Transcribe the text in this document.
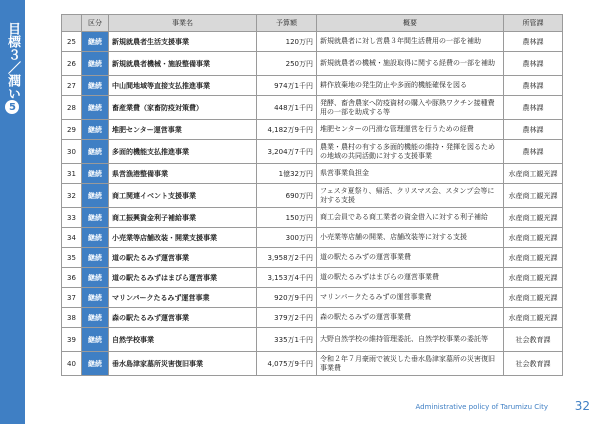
目標３／潤い5
	区分	事業名	予算額	概要	所管課
25	継続	新規就農者生活支援事業	120万円	新規就農者に対し営農３年間生活費用の一部を補助	農林課
26	継続	新規就農者機械・施設整備事業	250万円	新規就農者の機械・施設取得に関する経費の一部を補助	農林課
27	継続	中山間地域等直接支払推進事業	974万1千円	耕作放棄地の発生防止や多面的機能確保を図る	農林課
28	継続	畜産業費（家畜防疫対策費）	448万1千円	発酵、畜舎農家へ防疫資材の購入や豚熱ワクチン接種費用の一部を助成する等	農林課
29	継続	堆肥センター運営事業	4,182万9千円	堆肥センターの円滑な管理運営を行うための経費	農林課
30	継続	多面的機能支払推進事業	3,204万7千円	農業・農村の有する多面的機能の維持・発揮を図るための地域の共同活動に対する支援事業	農林課
31	継続	県営漁港整備事業	1億32万円	県営事業負担金	水産商工観光課
32	継続	商工関連イベント支援事業	690万円	フェスタ夏祭り、帰活、クリスマス会、スタンプ会等に対する支援	水産商工観光課
33	継続	商工振興資金利子補給事業	150万円	商工会員である商工業者の資金借入に対する利子補給	水産商工観光課
34	継続	小売業等店舗改装・開業支援事業	300万円	小売業等店舗の開業、店舗改装等に対する支援	水産商工観光課
35	継続	道の駅たるみず運営事業	3,958万2千円	道の駅たるみずの運営事業費	水産商工観光課
36	継続	道の駅たるみずはまびら運営事業	3,153万4千円	道の駅たるみずはまびらの運営事業費	水産商工観光課
37	継続	マリンパークたるみず運営事業	920万9千円	マリンパークたるみずの運営事業費	水産商工観光課
38	継続	森の駅たるみず運営事業	379万2千円	森の駅たるみずの運営事業費	水産商工観光課
39	継続	自然学校事業	335万1千円	大野自然学校の維持管理委託、自然学校事業の委託等	社会教育課
40	継続	垂水島津家墓所災害復旧事業	4,075万9千円	令和２年７月豪雨で被災した垂水島津家墓所の災害復旧事業費	社会教育課
Administrative policy of Tarumizu City 32
